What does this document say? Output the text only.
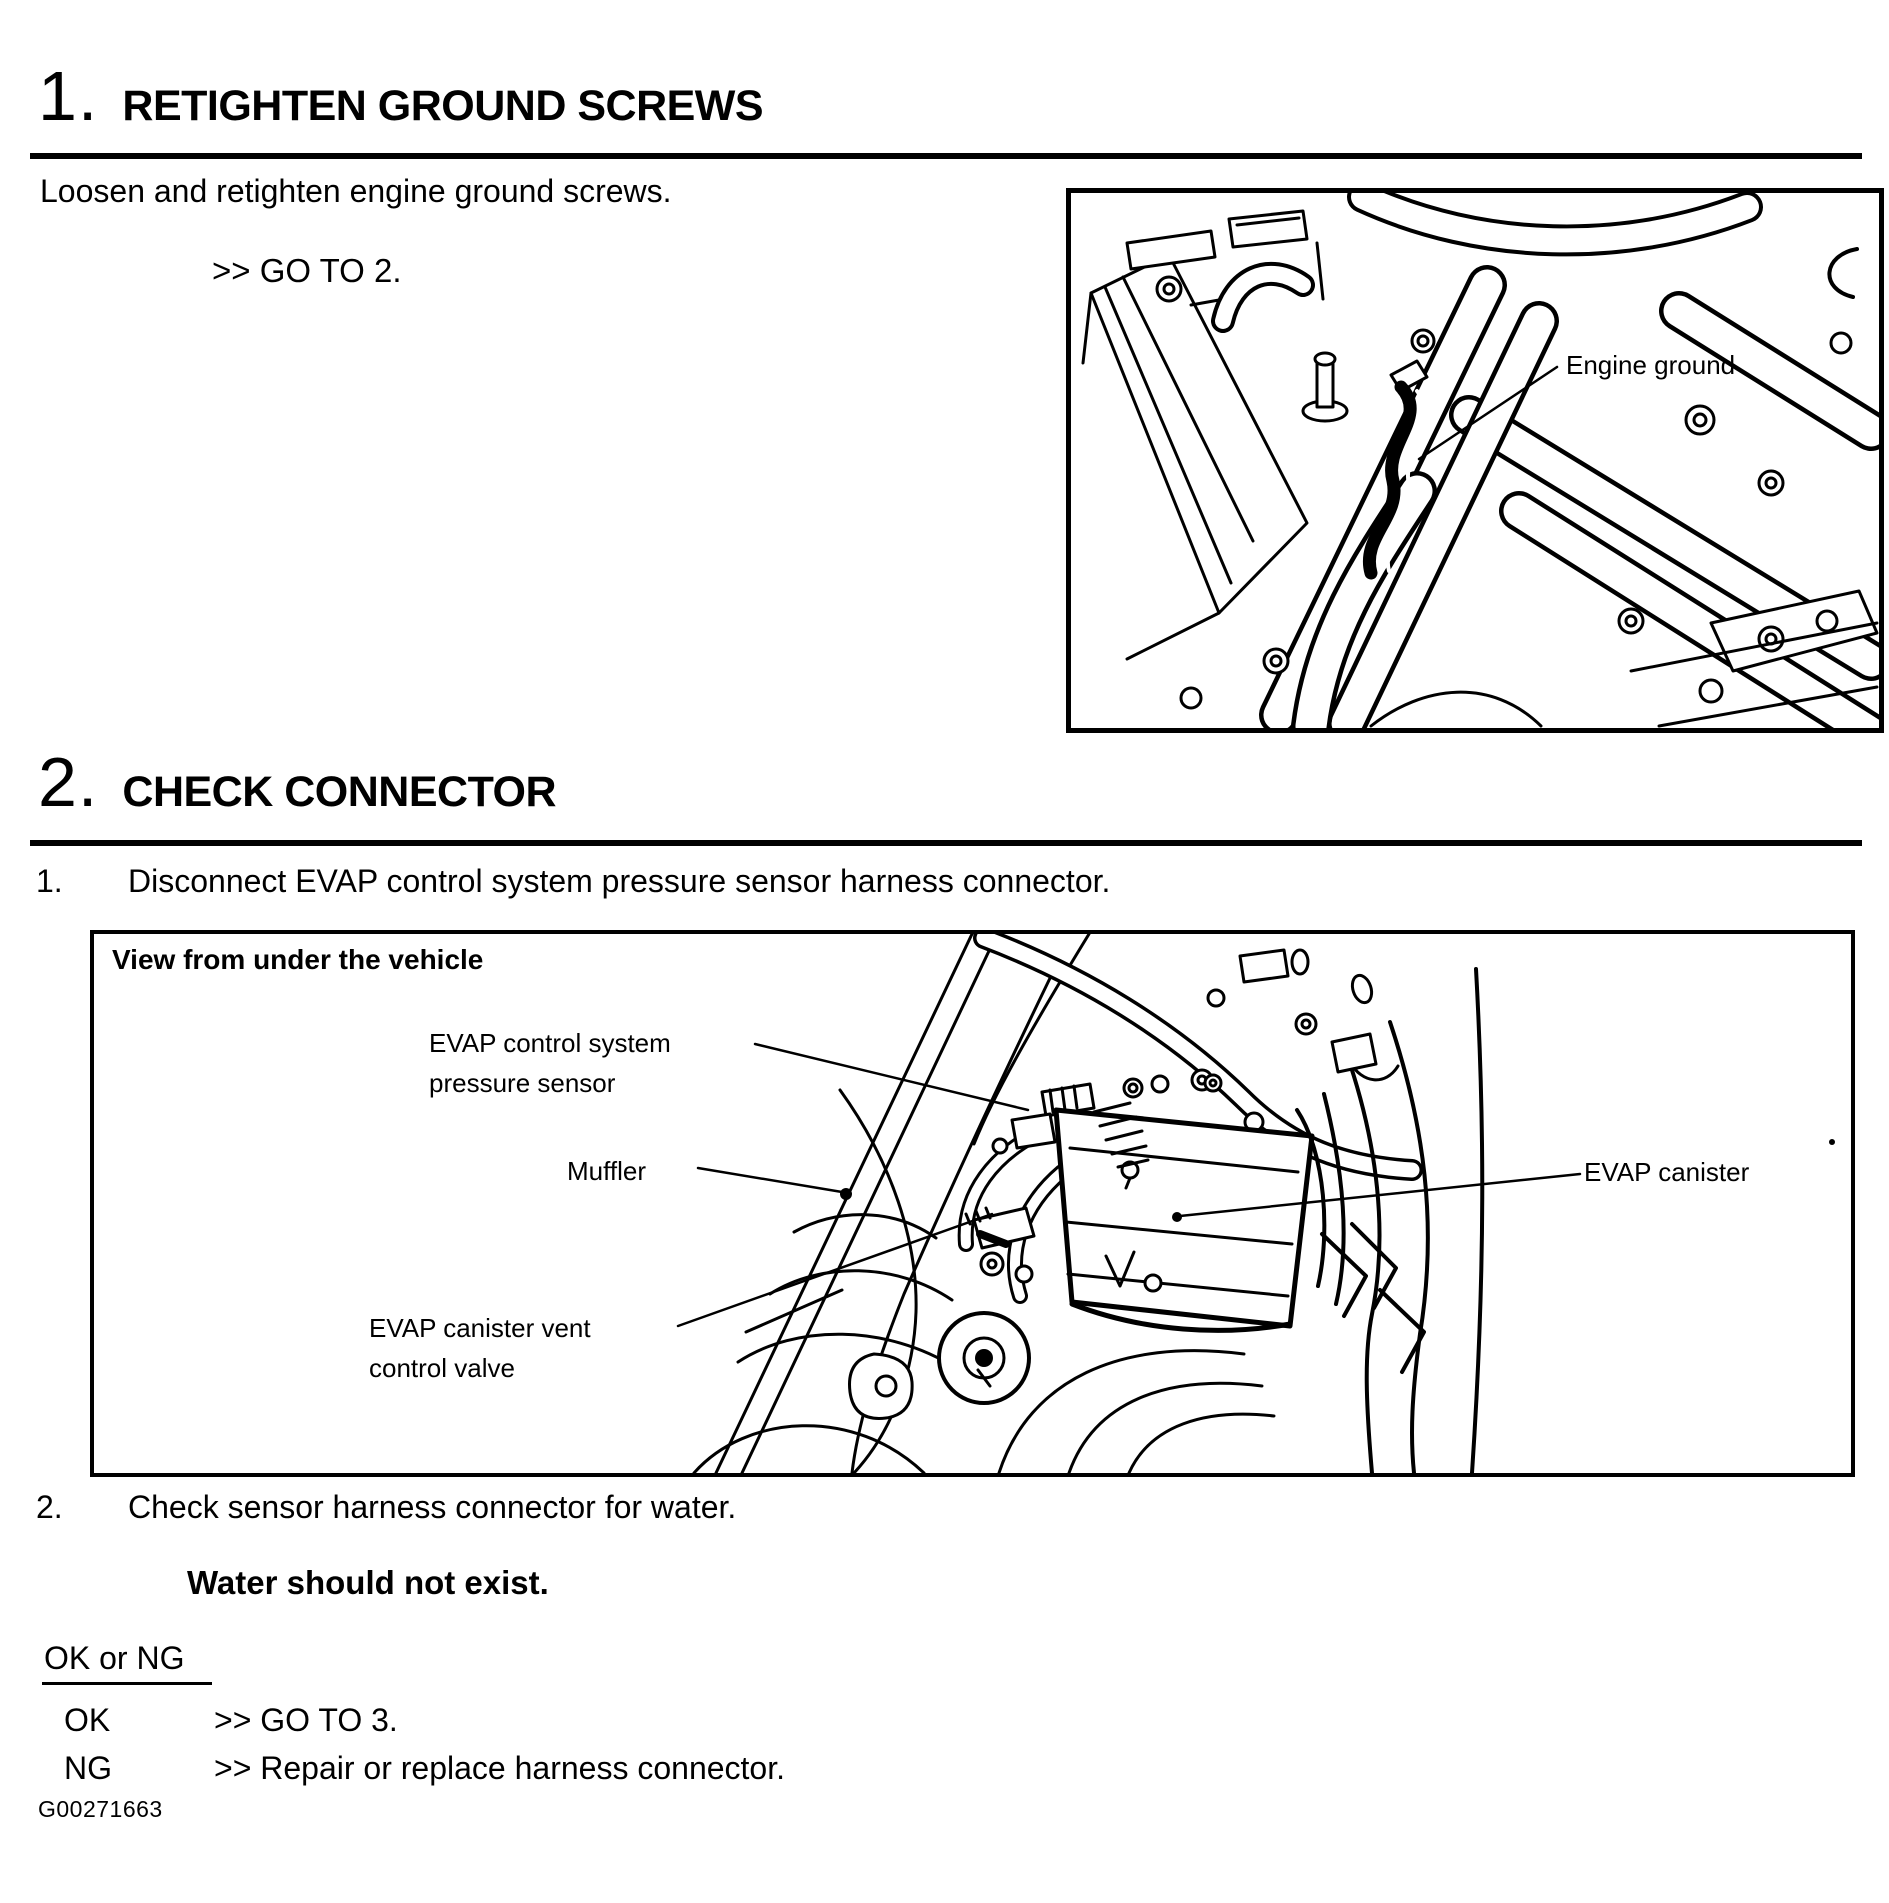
1. RETIGHTEN GROUND SCREWS
Loosen and retighten engine ground screws.
>> GO TO 2.
Engine ground
2. CHECK CONNECTOR
1.	Disconnect EVAP control system pressure sensor harness connector.
View from under the vehicle
EVAP control system
pressure sensor
Muffler
EVAP canister vent
control valve
EVAP canister
2.	Check sensor harness connector for water.
Water should not exist.
OK or NG
OK	>> GO TO 3.
NG	>> Repair or replace harness connector.
G00271663
